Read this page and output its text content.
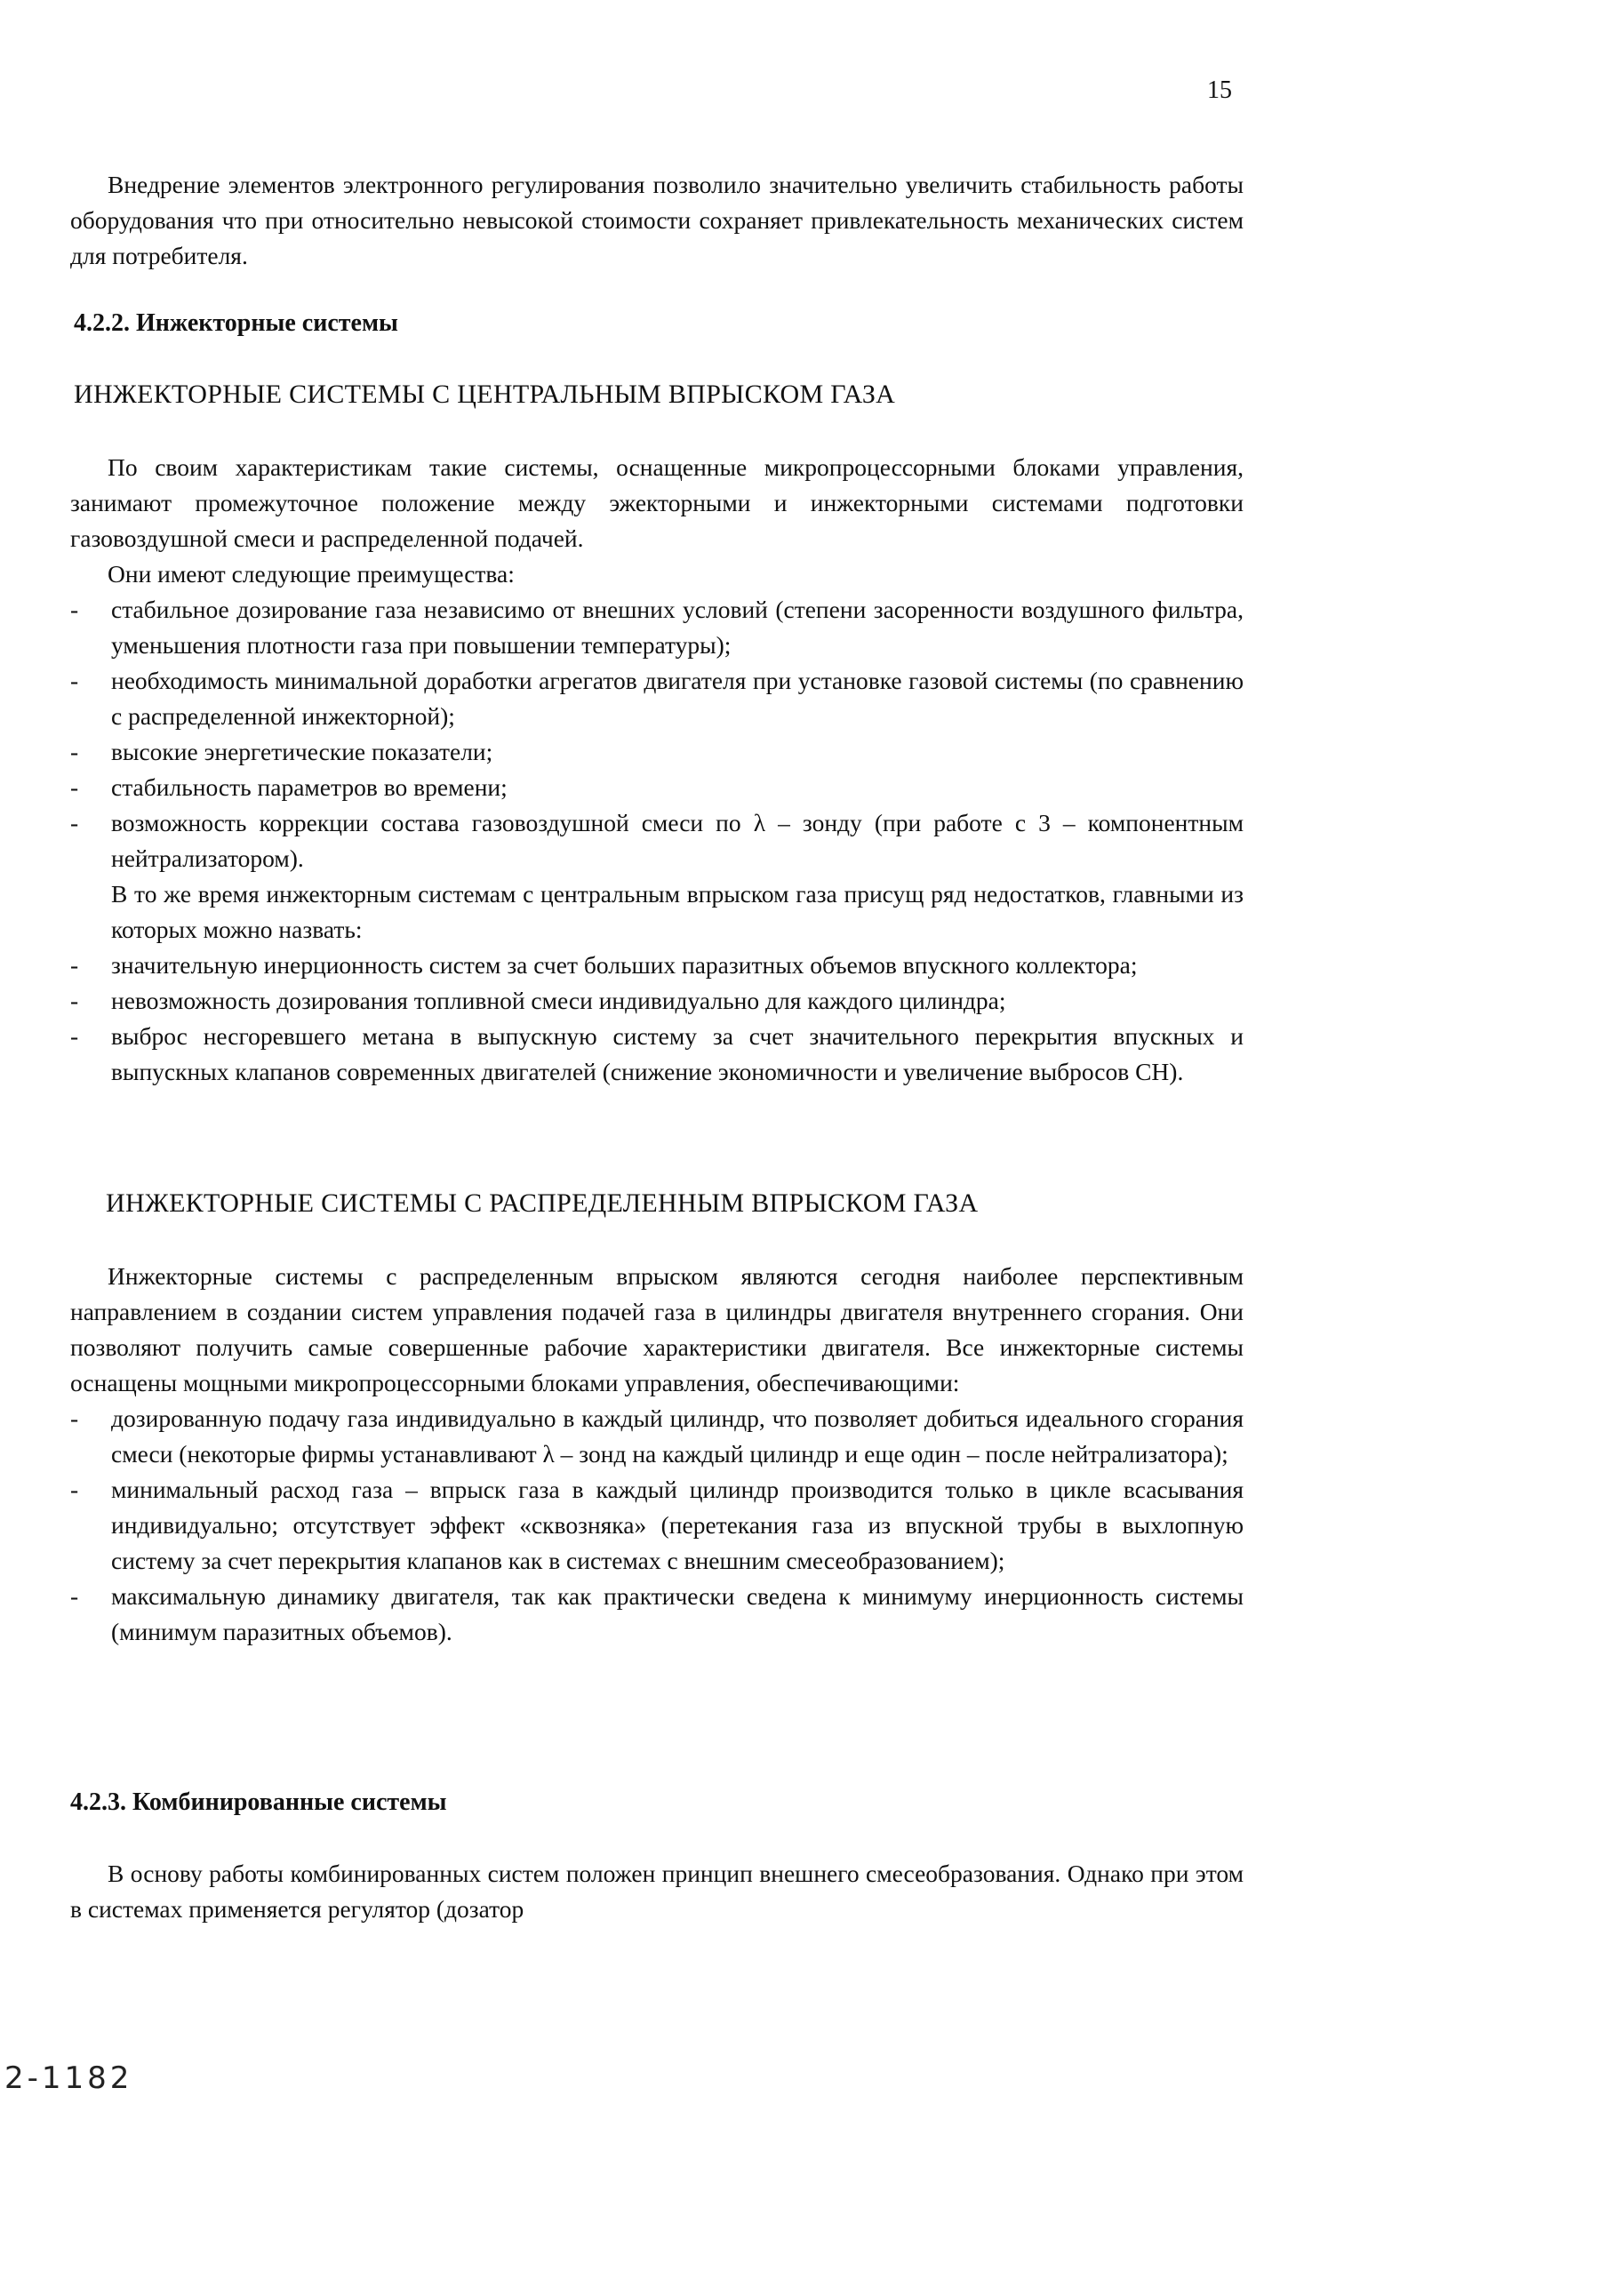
15

Внедрение элементов электронного регулирования позволило значительно увеличить стабильность работы оборудования что при относительно невысокой стоимости сохраняет привлекательность механических систем для потребителя.

4.2.2. Инжекторные системы

ИНЖЕКТОРНЫЕ СИСТЕМЫ С ЦЕНТРАЛЬНЫМ ВПРЫСКОМ ГАЗА

По своим характеристикам такие системы, оснащенные микропроцессорными блоками управления, занимают промежуточное положение между эжекторными и инжекторными системами подготовки газовоздушной смеси и распределенной подачей.

Они имеют следующие преимущества:

- стабильное дозирование газа независимо от внешних условий (степени засоренности воздушного фильтра, уменьшения плотности газа при повышении температуры);
- необходимость минимальной доработки агрегатов двигателя при установке газовой системы (по сравнению с распределенной инжекторной);
- высокие энергетические показатели;
- стабильность параметров во времени;
- возможность коррекции состава газовоздушной смеси по λ – зонду (при работе с 3 – компонентным нейтрализатором).

В то же время инжекторным системам с центральным впрыском газа присущ ряд недостатков, главными из которых можно назвать:

- значительную инерционность систем за счет больших паразитных объемов впускного коллектора;
- невозможность дозирования топливной смеси индивидуально для каждого цилиндра;
- выброс несгоревшего метана в выпускную систему за счет значительного перекрытия впускных и выпускных клапанов современных двигателей (снижение экономичности и увеличение выбросов CH).

ИНЖЕКТОРНЫЕ СИСТЕМЫ С РАСПРЕДЕЛЕННЫМ ВПРЫСКОМ ГАЗА

Инжекторные системы с распределенным впрыском являются сегодня наиболее перспективным направлением в создании систем управления подачей газа в цилиндры двигателя внутреннего сгорания. Они позволяют получить самые совершенные рабочие характеристики двигателя. Все инжекторные системы оснащены мощными микропроцессорными блоками управления, обеспечивающими:

- дозированную подачу газа индивидуально в каждый цилиндр, что позволяет добиться идеального сгорания смеси (некоторые фирмы устанавливают λ – зонд на каждый цилиндр и еще один – после нейтрализатора);
- минимальный расход газа – впрыск газа в каждый цилиндр производится только в цикле всасывания индивидуально; отсутствует эффект «сквозняка» (перетекания газа из впускной трубы в выхлопную систему за счет перекрытия клапанов как в системах с внешним смесеобразованием);
- максимальную динамику двигателя, так как практически сведена к минимуму инерционность системы (минимум паразитных объемов).

4.2.3. Комбинированные системы

В основу работы комбинированных систем положен принцип внешнего смесеобразования. Однако при этом в системах применяется регулятор (дозатор

2-1182
